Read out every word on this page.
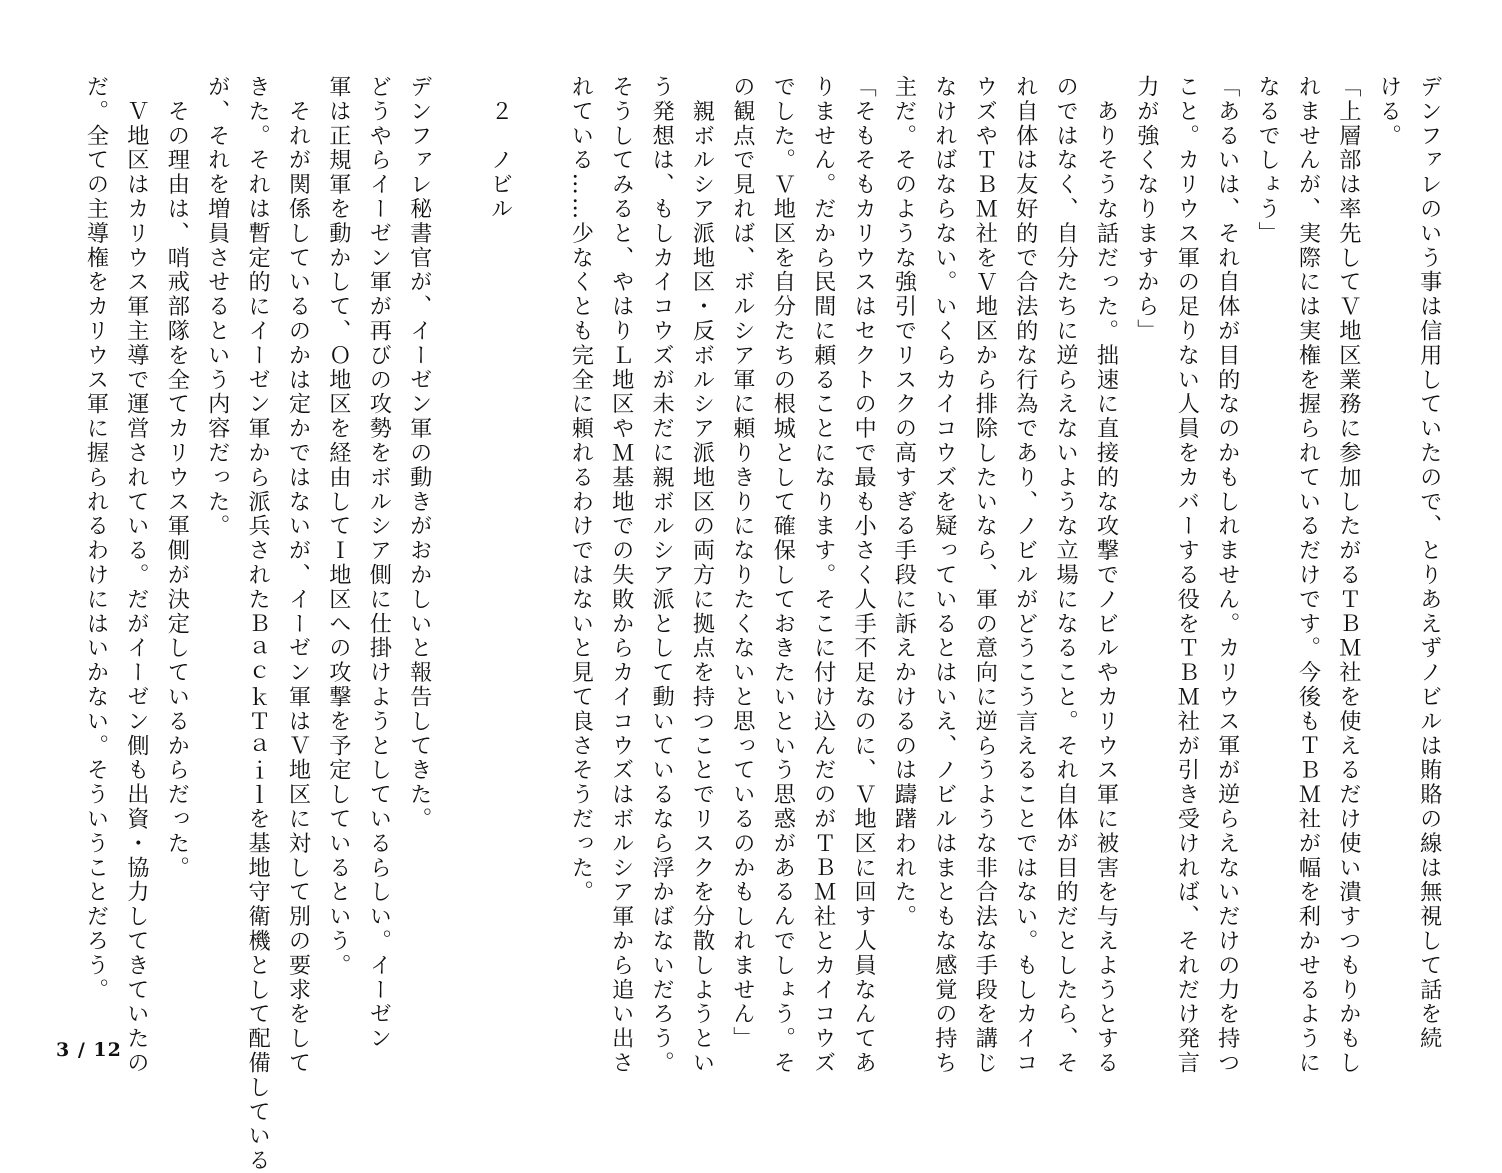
デンファレのいう事は信用していたので、とりあえずノビルは賄賂の線は無視して話を続
ける。
「上層部は率先してＶ地区業務に参加したがるＴＢＭ社を使えるだけ使い潰すつもりかもし
れませんが、実際には実権を握られているだけです。今後もＴＢＭ社が幅を利かせるように
なるでしょう」
「あるいは、それ自体が目的なのかもしれません。カリウス軍が逆らえないだけの力を持つ
こと。カリウス軍の足りない人員をカバーする役をＴＢＭ社が引き受ければ、それだけ発言
力が強くなりますから」
　ありそうな話だった。拙速に直接的な攻撃でノビルやカリウス軍に被害を与えようとする
のではなく、自分たちに逆らえないような立場になること。それ自体が目的だとしたら、そ
れ自体は友好的で合法的な行為であり、ノビルがどうこう言えることではない。もしカイコ
ウズやＴＢＭ社をＶ地区から排除したいなら、軍の意向に逆らうような非合法な手段を講じ
なければならない。いくらカイコウズを疑っているとはいえ、ノビルはまともな感覚の持ち
主だ。そのような強引でリスクの高すぎる手段に訴えかけるのは躊躇われた。
「そもそもカリウスはセクトの中で最も小さく人手不足なのに、Ｖ地区に回す人員なんてあ
りません。だから民間に頼ることになります。そこに付け込んだのがＴＢＭ社とカイコウズ
でした。Ｖ地区を自分たちの根城として確保しておきたいという思惑があるんでしょう。そ
の観点で見れば、ボルシア軍に頼りきりになりたくないと思っているのかもしれません」
　親ボルシア派地区・反ボルシア派地区の両方に拠点を持つことでリスクを分散しようとい
う発想は、もしカイコウズが未だに親ボルシア派として動いているなら浮かばないだろう。
そうしてみると、やはりＬ地区やＭ基地での失敗からカイコウズはボルシア軍から追い出さ
れている……少なくとも完全に頼れるわけではないと見て良さそうだった。
　２　ノビル
デンファレ秘書官が、イーゼン軍の動きがおかしいと報告してきた。
どうやらイーゼン軍が再びの攻勢をボルシア側に仕掛けようとしているらしい。イーゼン
軍は正規軍を動かして、Ｏ地区を経由してＩ地区への攻撃を予定しているという。
　それが関係しているのかは定かではないが、イーゼン軍はＶ地区に対して別の要求をして
きた。それは暫定的にイーゼン軍から派兵されたＢａｃｋＴａｉｌを基地守衛機として配備している
が、それを増員させるという内容だった。
　その理由は、哨戒部隊を全てカリウス軍側が決定しているからだった。
　Ｖ地区はカリウス軍主導で運営されている。だがイーゼン側も出資・協力してきていたの
だ。全ての主導権をカリウス軍に握られるわけにはいかない。そういうことだろう。
3 / 12
